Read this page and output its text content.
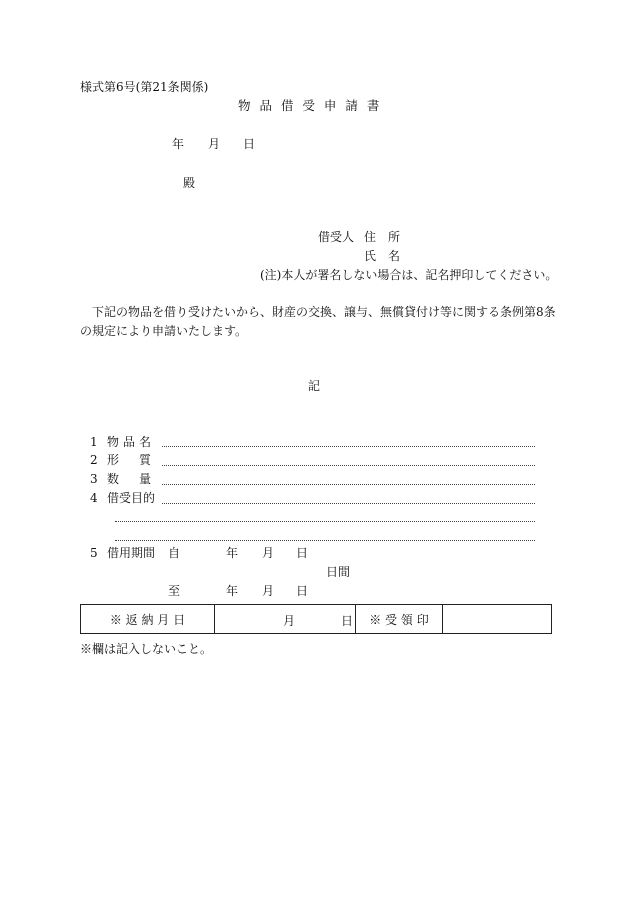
様式第6号(第21条関係)
物 品 借 受 申 請 書
年 月 日
殿
借受人 住　所
氏　名
(注)本人が署名しない場合は、記名押印してください。
下記の物品を借り受けたいから、財産の交換、譲与、無償貸付け等に関する条例第8条
の規定により申請いたします。
記
1 物品名
2 形　質
3 数　量
4 借受目的
5 借用期間 自	年 月 日
日間
至	年 月 日
※ 返 納 月 日	月	日	※ 受 領 印	
※欄は記入しないこと。
